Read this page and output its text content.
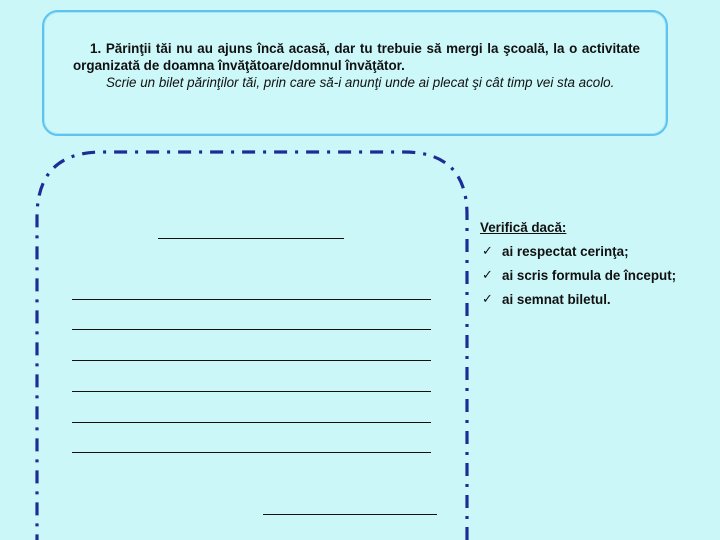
1. Părinţii tăi nu au ajuns încă acasă, dar tu trebuie să mergi la şcoală, la o activitate organizată de doamna învăţătoare/domnul învăţător.

Scrie un bilet părinţilor tăi, prin care să-i anunţi unde ai plecat şi cât timp vei sta acolo.

Verifică dacă:
✓ ai respectat cerinţa;
✓ ai scris formula de început;
✓ ai semnat biletul.
